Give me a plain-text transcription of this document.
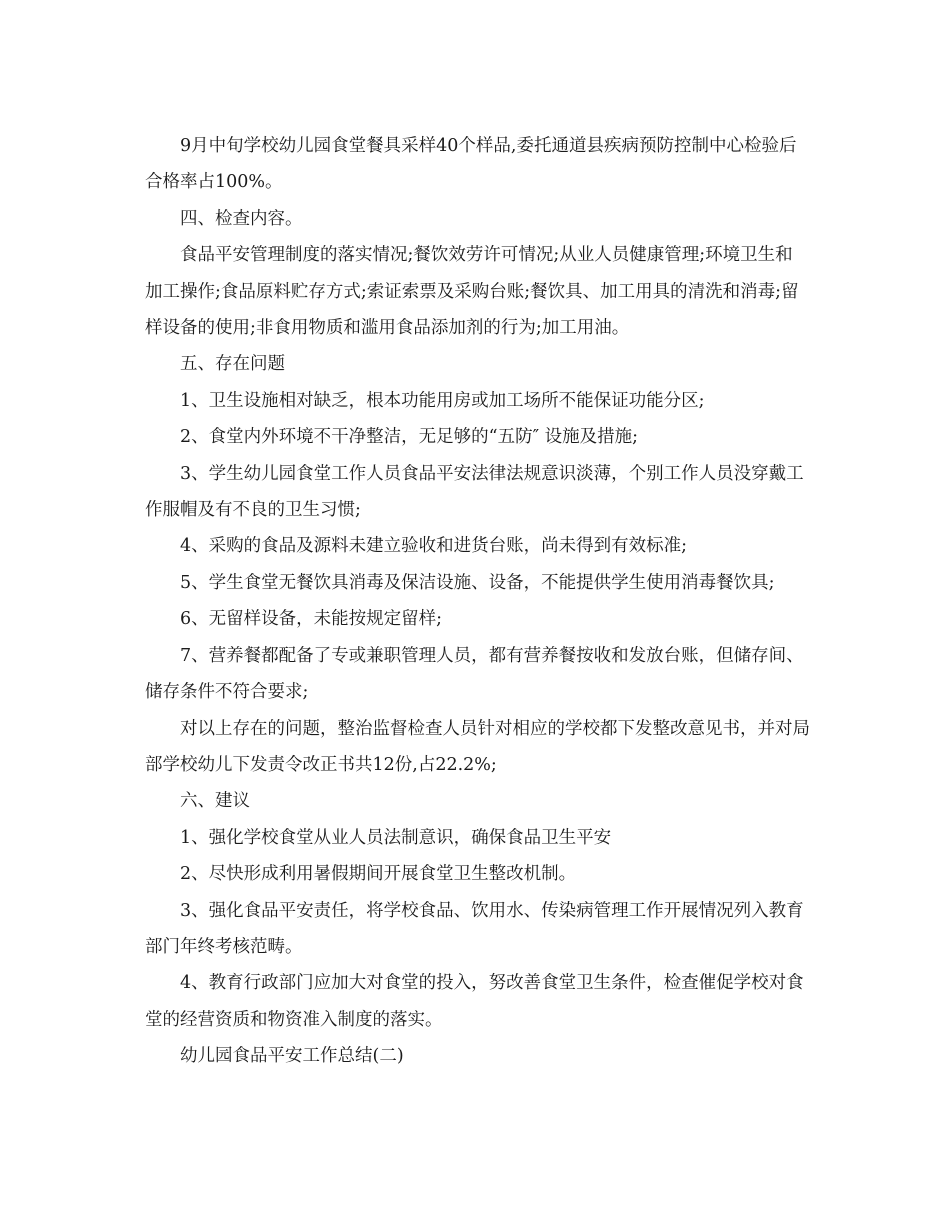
9月中旬学校幼儿园食堂餐具采样40个样品,委托通道县疾病预防控制中心检验后合格率占100%。

四、检查内容。

食品平安管理制度的落实情况;餐饮效劳许可情况;从业人员健康管理;环境卫生和加工操作;食品原料贮存方式;索证索票及采购台账;餐饮具、加工用具的清洗和消毒;留样设备的使用;非食用物质和滥用食品添加剂的行为;加工用油。

五、存在问题

1、卫生设施相对缺乏，根本功能用房或加工场所不能保证功能分区;

2、食堂内外环境不干净整洁，无足够的“五防″ 设施及措施;

3、学生幼儿园食堂工作人员食品平安法律法规意识淡薄，个别工作人员没穿戴工作服帽及有不良的卫生习惯;

4、采购的食品及源料未建立验收和进货台账，尚未得到有效标准;

5、学生食堂无餐饮具消毒及保洁设施、设备，不能提供学生使用消毒餐饮具;

6、无留样设备，未能按规定留样;

7、营养餐都配备了专或兼职管理人员，都有营养餐按收和发放台账，但储存间、储存条件不符合要求;

对以上存在的问题，整治监督检查人员针对相应的学校都下发整改意见书，并对局部学校幼儿下发责令改正书共12份,占22.2%;

六、建议

1、强化学校食堂从业人员法制意识，确保食品卫生平安

2、尽快形成利用暑假期间开展食堂卫生整改机制。

3、强化食品平安责任，将学校食品、饮用水、传染病管理工作开展情况列入教育部门年终考核范畴。

4、教育行政部门应加大对食堂的投入，努改善食堂卫生条件，检查催促学校对食堂的经营资质和物资准入制度的落实。

幼儿园食品平安工作总结(二)
